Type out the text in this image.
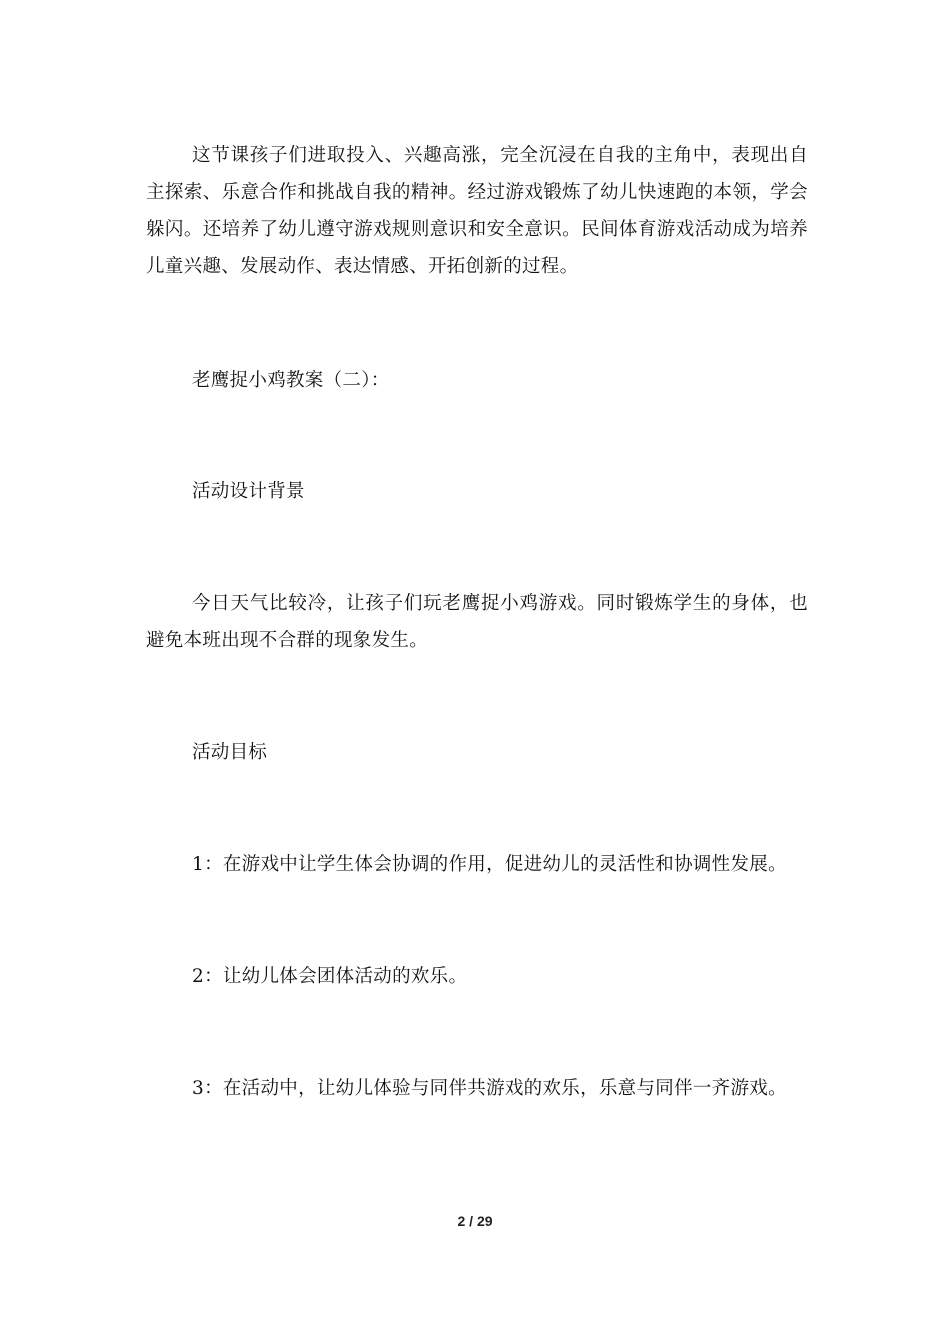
这节课孩子们进取投入、兴趣高涨，完全沉浸在自我的主角中，表现出自主探索、乐意合作和挑战自我的精神。经过游戏锻炼了幼儿快速跑的本领，学会躲闪。还培养了幼儿遵守游戏规则意识和安全意识。民间体育游戏活动成为培养儿童兴趣、发展动作、表达情感、开拓创新的过程。

老鹰捉小鸡教案（二）：

活动设计背景

今日天气比较冷，让孩子们玩老鹰捉小鸡游戏。同时锻炼学生的身体，也避免本班出现不合群的现象发生。

活动目标

1：在游戏中让学生体会协调的作用，促进幼儿的灵活性和协调性发展。

2：让幼儿体会团体活动的欢乐。

3：在活动中，让幼儿体验与同伴共游戏的欢乐，乐意与同伴一齐游戏。

2 / 29
